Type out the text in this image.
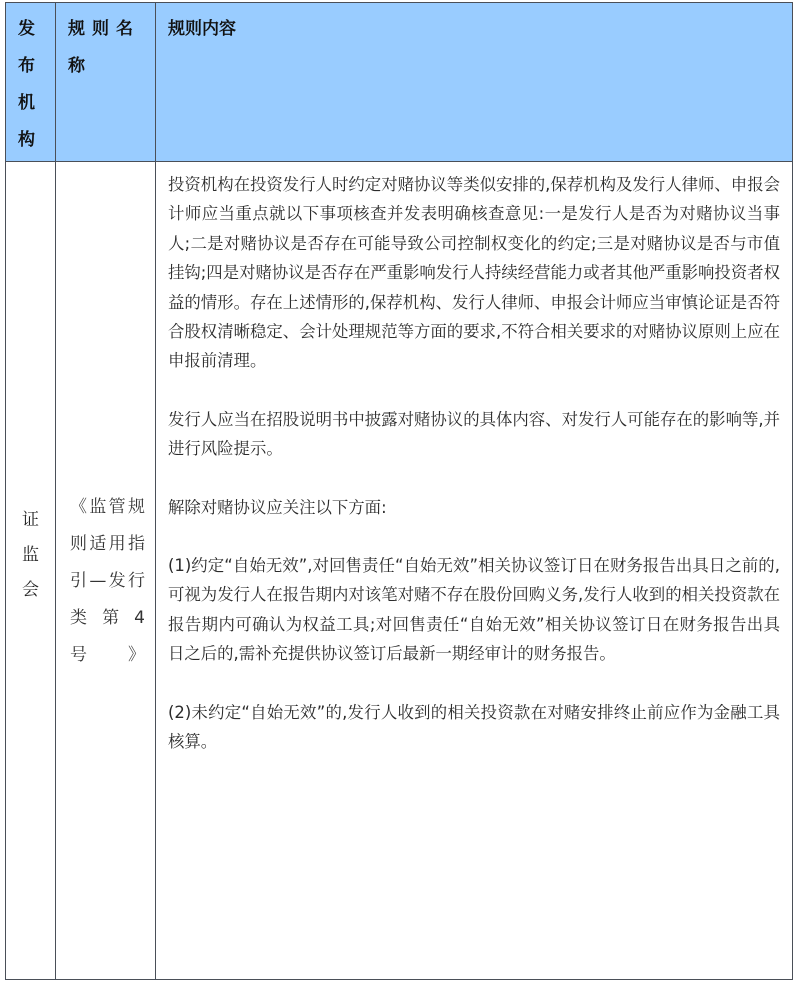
发布机构	规则名称	规则内容

证监会	《监管规则适用指引—发行类第4号》	投资机构在投资发行人时约定对赌协议等类似安排的,保荐机构及发行人律师、申报会计师应当重点就以下事项核查并发表明确核查意见:一是发行人是否为对赌协议当事人;二是对赌协议是否存在可能导致公司控制权变化的约定;三是对赌协议是否与市值挂钩;四是对赌协议是否存在严重影响发行人持续经营能力或者其他严重影响投资者权益的情形。存在上述情形的,保荐机构、发行人律师、申报会计师应当审慎论证是否符合股权清晰稳定、会计处理规范等方面的要求,不符合相关要求的对赌协议原则上应在申报前清理。
发行人应当在招股说明书中披露对赌协议的具体内容、对发行人可能存在的影响等,并进行风险提示。
解除对赌协议应关注以下方面:
(1)约定“自始无效”,对回售责任“自始无效”相关协议签订日在财务报告出具日之前的,可视为发行人在报告期内对该笔对赌不存在股份回购义务,发行人收到的相关投资款在报告期内可确认为权益工具;对回售责任“自始无效”相关协议签订日在财务报告出具日之后的,需补充提供协议签订后最新一期经审计的财务报告。
(2)未约定“自始无效”的,发行人收到的相关投资款在对赌安排终止前应作为金融工具核算。
